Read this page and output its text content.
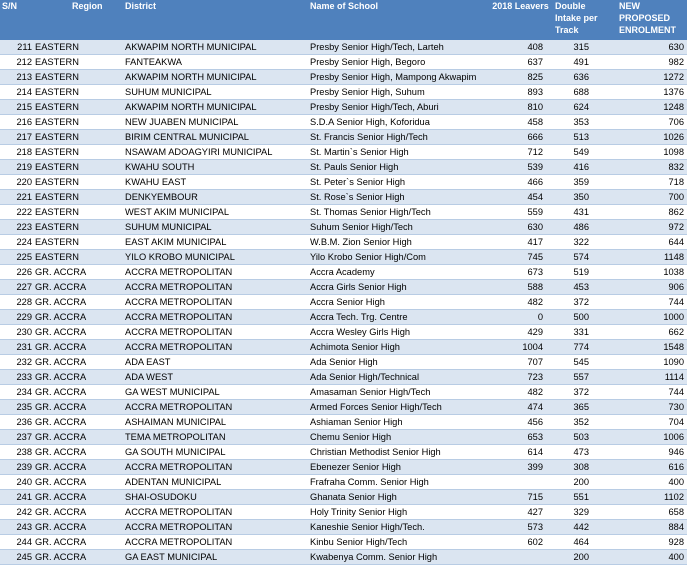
S/N	Region	District	Name of School	2018 Leavers	Double Intake per Track	NEW PROPOSED ENROLMENT
211	EASTERN	AKWAPIM NORTH MUNICIPAL	Presby Senior High/Tech, Larteh	408	315	630
212	EASTERN	FANTEAKWA	Presby Senior High, Begoro	637	491	982
213	EASTERN	AKWAPIM NORTH MUNICIPAL	Presby Senior High, Mampong Akwapim	825	636	1272
214	EASTERN	SUHUM MUNICIPAL	Presby Senior High, Suhum	893	688	1376
215	EASTERN	AKWAPIM NORTH MUNICIPAL	Presby Senior High/Tech, Aburi	810	624	1248
216	EASTERN	NEW JUABEN MUNICIPAL	S.D.A Senior High, Koforidua	458	353	706
217	EASTERN	BIRIM CENTRAL MUNICIPAL	St. Francis Senior High/Tech	666	513	1026
218	EASTERN	NSAWAM ADOAGYIRI MUNICIPAL	St. Martin`s Senior High	712	549	1098
219	EASTERN	KWAHU SOUTH	St. Pauls Senior High	539	416	832
220	EASTERN	KWAHU EAST	St. Peter`s Senior High	466	359	718
221	EASTERN	DENKYEMBOUR	St. Rose`s Senior High	454	350	700
222	EASTERN	WEST AKIM MUNICIPAL	St. Thomas Senior High/Tech	559	431	862
223	EASTERN	SUHUM MUNICIPAL	Suhum Senior High/Tech	630	486	972
224	EASTERN	EAST AKIM MUNICIPAL	W.B.M. Zion Senior High	417	322	644
225	EASTERN	YILO KROBO MUNICIPAL	Yilo Krobo Senior High/Com	745	574	1148
226	GR. ACCRA	ACCRA METROPOLITAN	Accra Academy	673	519	1038
227	GR. ACCRA	ACCRA METROPOLITAN	Accra Girls Senior High	588	453	906
228	GR. ACCRA	ACCRA METROPOLITAN	Accra Senior High	482	372	744
229	GR. ACCRA	ACCRA METROPOLITAN	Accra Tech. Trg. Centre	0	500	1000
230	GR. ACCRA	ACCRA METROPOLITAN	Accra Wesley Girls High	429	331	662
231	GR. ACCRA	ACCRA METROPOLITAN	Achimota Senior High	1004	774	1548
232	GR. ACCRA	ADA EAST	Ada Senior High	707	545	1090
233	GR. ACCRA	ADA WEST	Ada Senior High/Technical	723	557	1114
234	GR. ACCRA	GA WEST MUNICIPAL	Amasaman Senior High/Tech	482	372	744
235	GR. ACCRA	ACCRA METROPOLITAN	Armed Forces Senior High/Tech	474	365	730
236	GR. ACCRA	ASHAIMAN MUNICIPAL	Ashiaman Senior High	456	352	704
237	GR. ACCRA	TEMA METROPOLITAN	Chemu Senior High	653	503	1006
238	GR. ACCRA	GA SOUTH MUNICIPAL	Christian Methodist Senior High	614	473	946
239	GR. ACCRA	ACCRA METROPOLITAN	Ebenezer Senior High	399	308	616
240	GR. ACCRA	ADENTAN MUNICIPAL	Frafraha Comm. Senior High		200	400
241	GR. ACCRA	SHAI-OSUDOKU	Ghanata Senior High	715	551	1102
242	GR. ACCRA	ACCRA METROPOLITAN	Holy Trinity Senior High	427	329	658
243	GR. ACCRA	ACCRA METROPOLITAN	Kaneshie Senior High/Tech.	573	442	884
244	GR. ACCRA	ACCRA METROPOLITAN	Kinbu Senior High/Tech	602	464	928
245	GR. ACCRA	GA EAST MUNICIPAL	Kwabenya Comm. Senior High		200	400
